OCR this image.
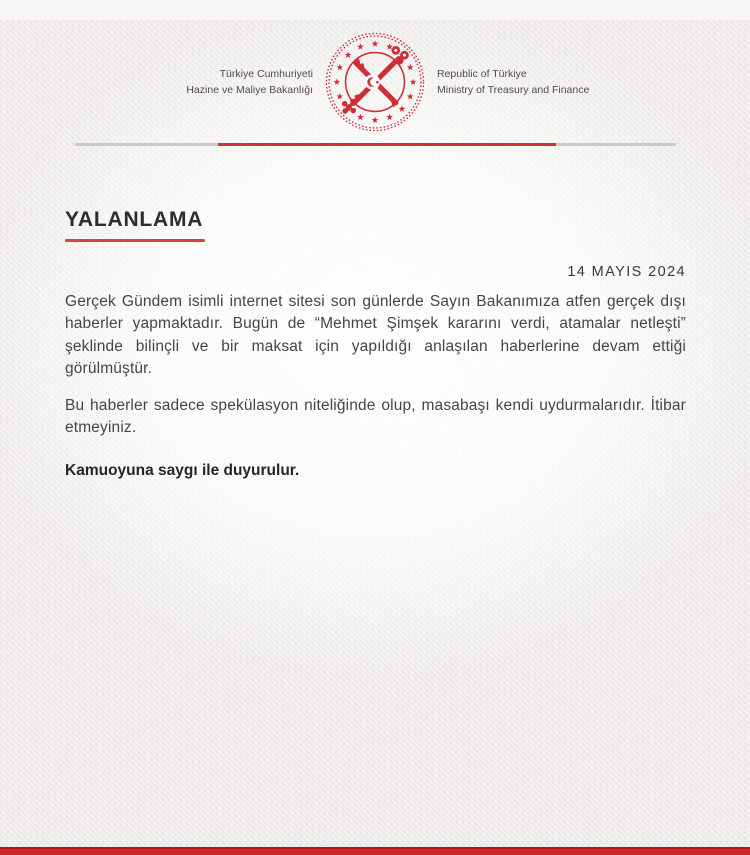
Türkiye Cumhuriyeti
Hazine ve Maliye Bakanlığı
Republic of Türkiye
Ministry of Treasury and Finance
YALANLAMA
14 MAYIS 2024

Gerçek Gündem isimli internet sitesi son günlerde Sayın Bakanımıza atfen gerçek dışı haberler yapmaktadır. Bugün de “Mehmet Şimşek kararını verdi, atamalar netleşti” şeklinde bilinçli ve bir maksat için yapıldığı anlaşılan haberlerine devam ettiği görülmüştür.

Bu haberler sadece spekülasyon niteliğinde olup, masabaşı kendi uydurmalarıdır. İtibar etmeyiniz.

Kamuoyuna saygı ile duyurulur.
